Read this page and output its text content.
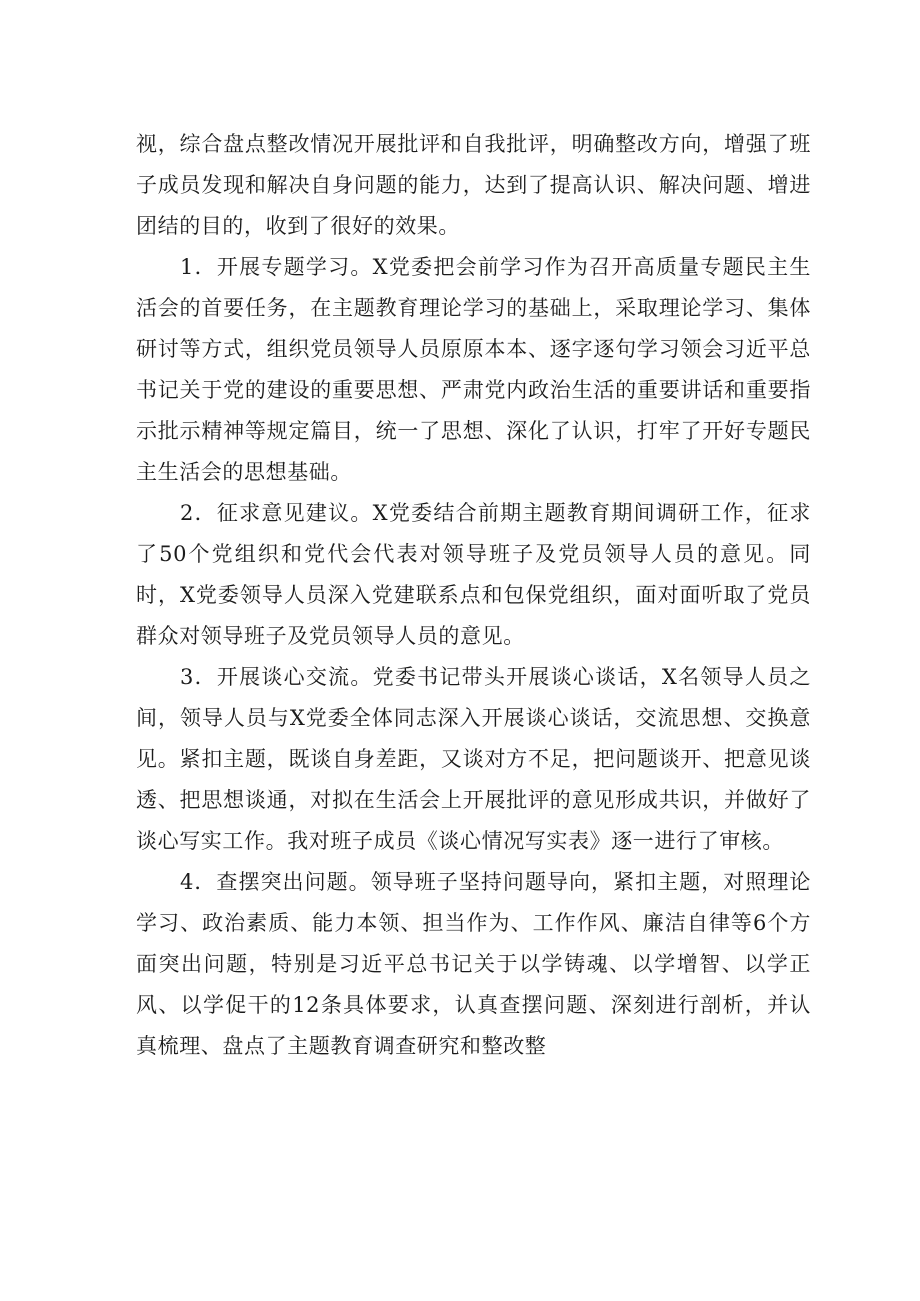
视，综合盘点整改情况开展批评和自我批评，明确整改方向，增强了班子成员发现和解决自身问题的能力，达到了提高认识、解决问题、增进团结的目的，收到了很好的效果。

1．开展专题学习。X党委把会前学习作为召开高质量专题民主生活会的首要任务，在主题教育理论学习的基础上，采取理论学习、集体研讨等方式，组织党员领导人员原原本本、逐字逐句学习领会习近平总书记关于党的建设的重要思想、严肃党内政治生活的重要讲话和重要指示批示精神等规定篇目，统一了思想、深化了认识，打牢了开好专题民主生活会的思想基础。

2．征求意见建议。X党委结合前期主题教育期间调研工作，征求了50个党组织和党代会代表对领导班子及党员领导人员的意见。同时，X党委领导人员深入党建联系点和包保党组织，面对面听取了党员群众对领导班子及党员领导人员的意见。

3．开展谈心交流。党委书记带头开展谈心谈话，X名领导人员之间，领导人员与X党委全体同志深入开展谈心谈话，交流思想、交换意见。紧扣主题，既谈自身差距，又谈对方不足，把问题谈开、把意见谈透、把思想谈通，对拟在生活会上开展批评的意见形成共识，并做好了谈心写实工作。我对班子成员《谈心情况写实表》逐一进行了审核。

4．查摆突出问题。领导班子坚持问题导向，紧扣主题，对照理论学习、政治素质、能力本领、担当作为、工作作风、廉洁自律等6个方面突出问题，特别是习近平总书记关于以学铸魂、以学增智、以学正风、以学促干的12条具体要求，认真查摆问题、深刻进行剖析，并认真梳理、盘点了主题教育调查研究和整改整
